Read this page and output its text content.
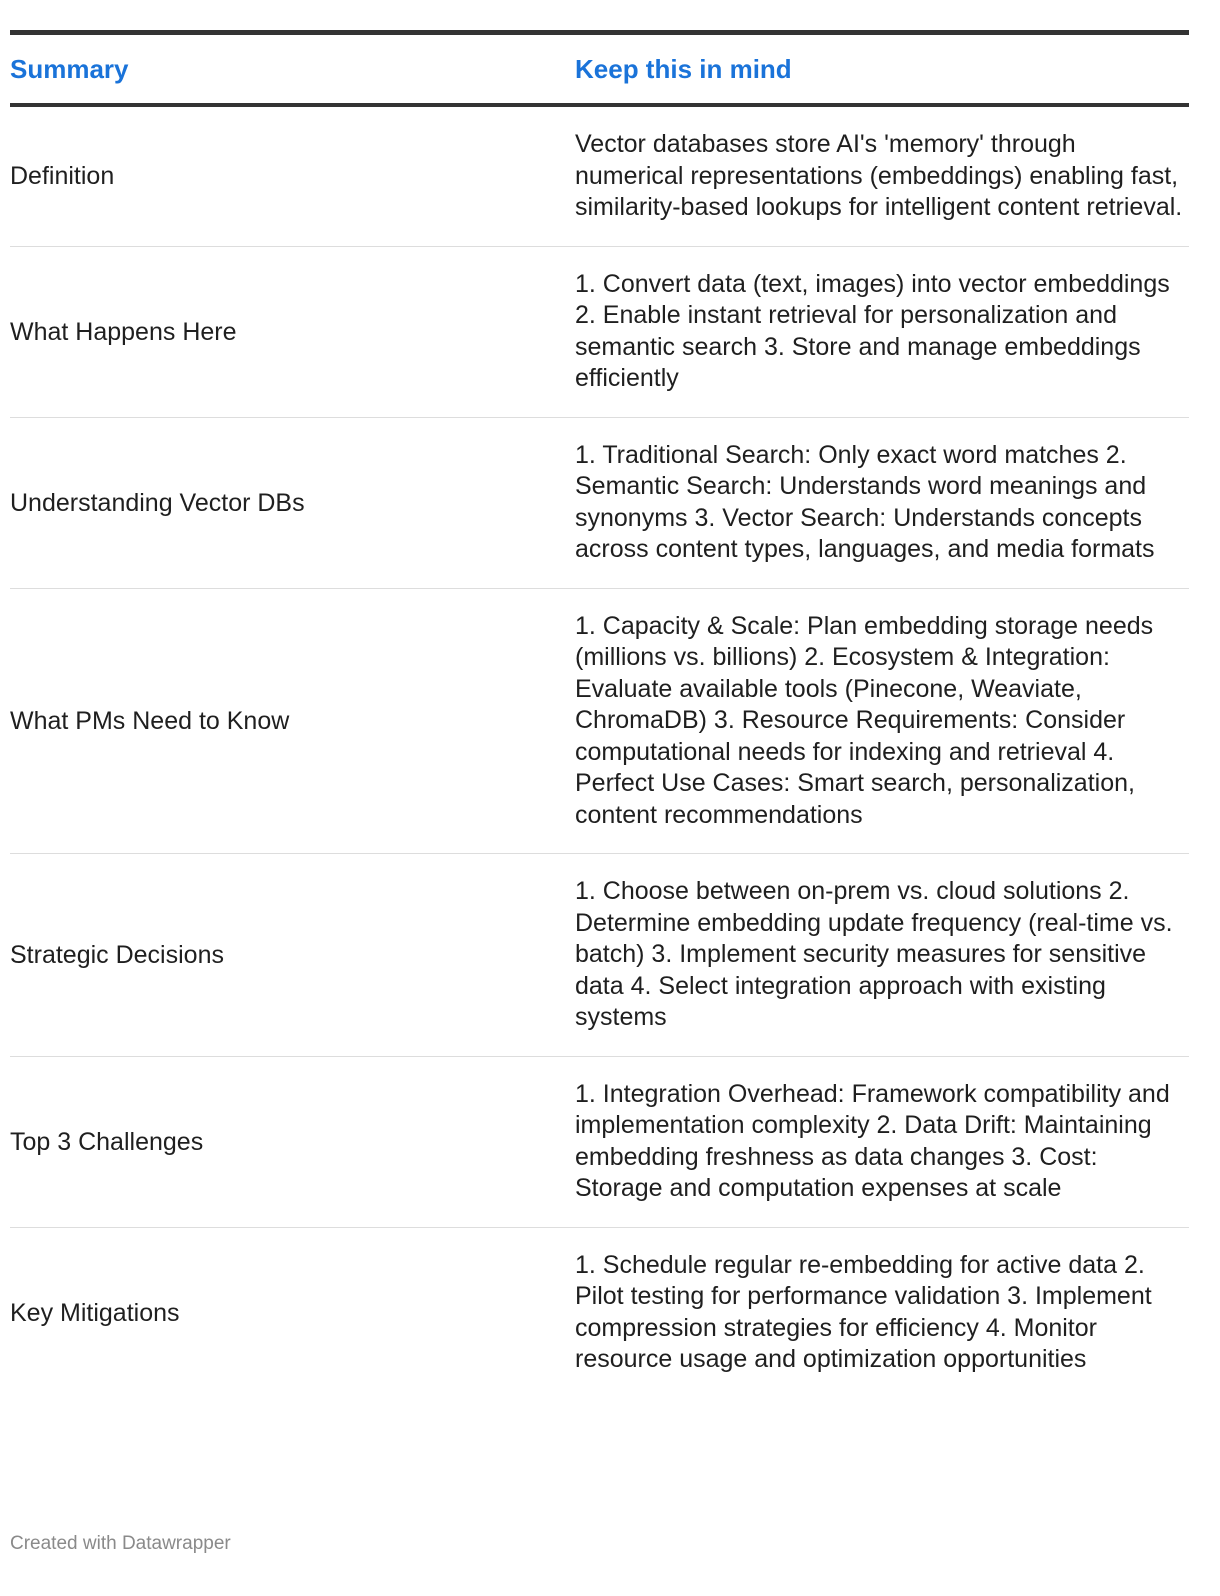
Summary	Keep this in mind
Definition
Vector databases store AI's 'memory' through numerical representations (embeddings) enabling fast, similarity-based lookups for intelligent content retrieval.
What Happens Here
1. Convert data (text, images) into vector embeddings 2. Enable instant retrieval for personalization and semantic search 3. Store and manage embeddings efficiently
Understanding Vector DBs
1. Traditional Search: Only exact word matches 2. Semantic Search: Understands word meanings and synonyms 3. Vector Search: Understands concepts across content types, languages, and media formats
What PMs Need to Know
1. Capacity & Scale: Plan embedding storage needs (millions vs. billions) 2. Ecosystem & Integration: Evaluate available tools (Pinecone, Weaviate, ChromaDB) 3. Resource Requirements: Consider computational needs for indexing and retrieval 4. Perfect Use Cases: Smart search, personalization, content recommendations
Strategic Decisions
1. Choose between on-prem vs. cloud solutions 2. Determine embedding update frequency (real-time vs. batch) 3. Implement security measures for sensitive data 4. Select integration approach with existing systems
Top 3 Challenges
1. Integration Overhead: Framework compatibility and implementation complexity 2. Data Drift: Maintaining embedding freshness as data changes 3. Cost: Storage and computation expenses at scale
Key Mitigations
1. Schedule regular re-embedding for active data 2. Pilot testing for performance validation 3. Implement compression strategies for efficiency 4. Monitor resource usage and optimization opportunities
Created with Datawrapper
